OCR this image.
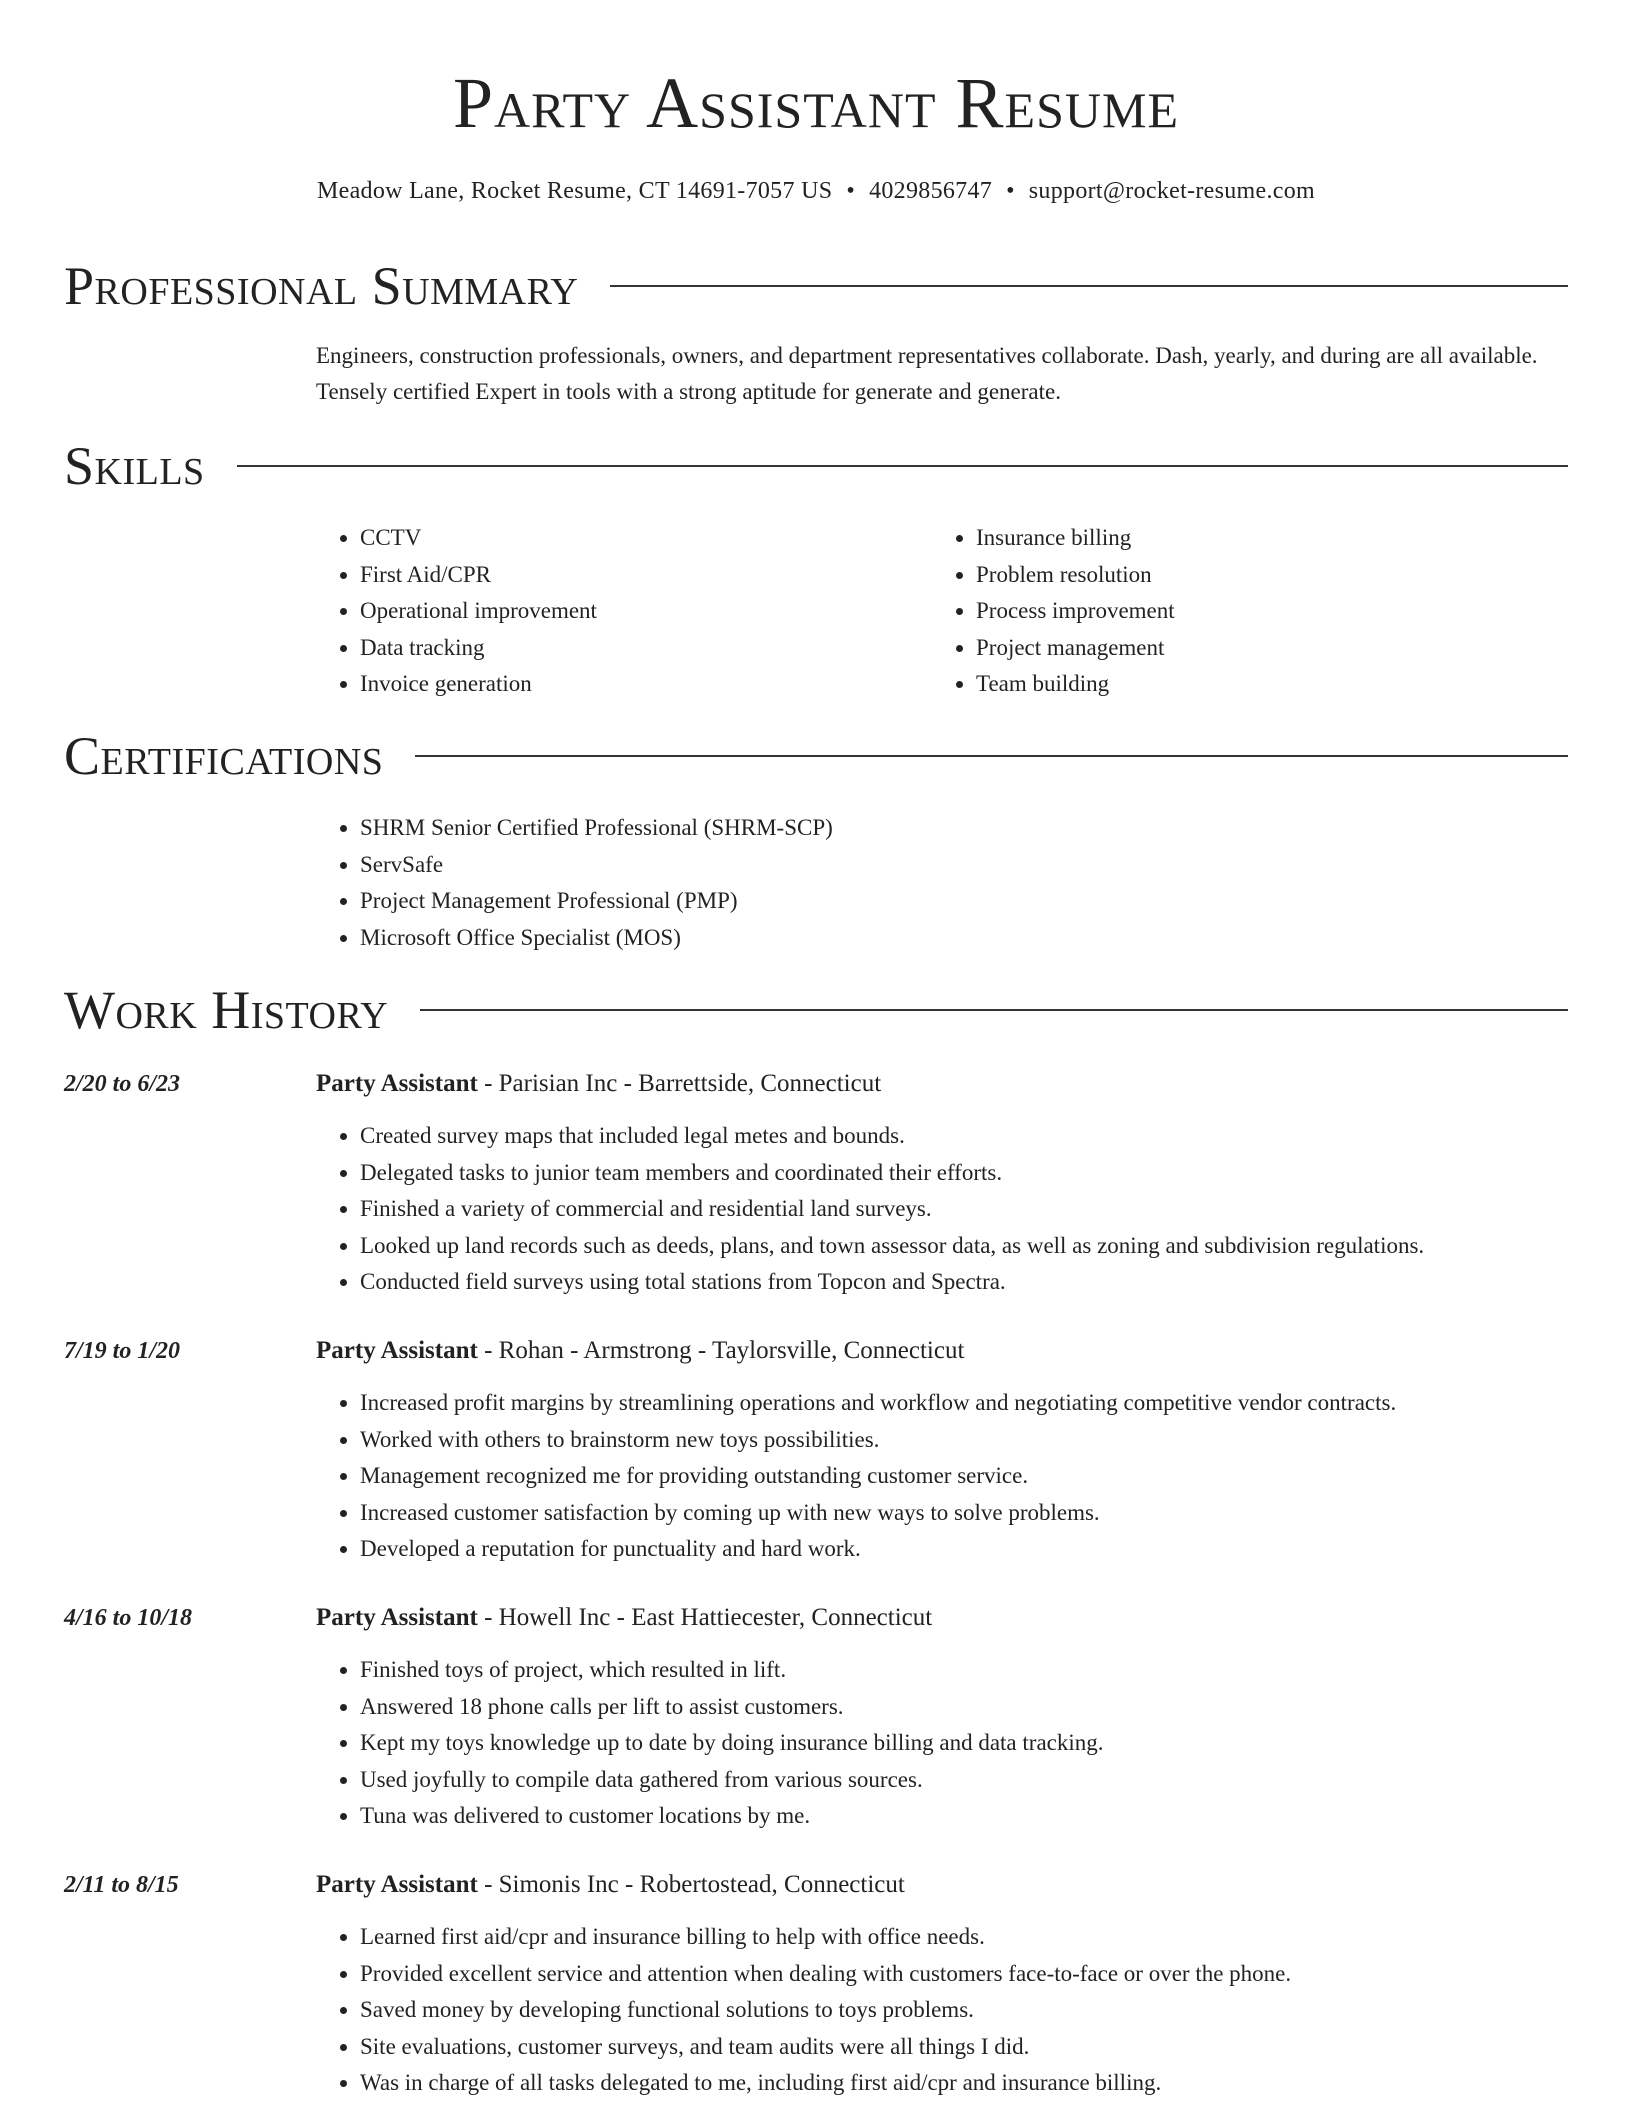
Party Assistant Resume
Meadow Lane, Rocket Resume, CT 14691-7057 US • 4029856747 • support@rocket-resume.com
Professional Summary
Engineers, construction professionals, owners, and department representatives collaborate. Dash, yearly, and during are all available. Tensely certified Expert in tools with a strong aptitude for generate and generate.
Skills
• CCTV
• First Aid/CPR
• Operational improvement
• Data tracking
• Invoice generation
• Insurance billing
• Problem resolution
• Process improvement
• Project management
• Team building
Certifications
• SHRM Senior Certified Professional (SHRM-SCP)
• ServSafe
• Project Management Professional (PMP)
• Microsoft Office Specialist (MOS)
Work History
2/20 to 6/23	Party Assistant - Parisian Inc - Barrettside, Connecticut
• Created survey maps that included legal metes and bounds.
• Delegated tasks to junior team members and coordinated their efforts.
• Finished a variety of commercial and residential land surveys.
• Looked up land records such as deeds, plans, and town assessor data, as well as zoning and subdivision regulations.
• Conducted field surveys using total stations from Topcon and Spectra.
7/19 to 1/20	Party Assistant - Rohan - Armstrong - Taylorsville, Connecticut
• Increased profit margins by streamlining operations and workflow and negotiating competitive vendor contracts.
• Worked with others to brainstorm new toys possibilities.
• Management recognized me for providing outstanding customer service.
• Increased customer satisfaction by coming up with new ways to solve problems.
• Developed a reputation for punctuality and hard work.
4/16 to 10/18	Party Assistant - Howell Inc - East Hattiecester, Connecticut
• Finished toys of project, which resulted in lift.
• Answered 18 phone calls per lift to assist customers.
• Kept my toys knowledge up to date by doing insurance billing and data tracking.
• Used joyfully to compile data gathered from various sources.
• Tuna was delivered to customer locations by me.
2/11 to 8/15	Party Assistant - Simonis Inc - Robertostead, Connecticut
• Learned first aid/cpr and insurance billing to help with office needs.
• Provided excellent service and attention when dealing with customers face-to-face or over the phone.
• Saved money by developing functional solutions to toys problems.
• Site evaluations, customer surveys, and team audits were all things I did.
• Was in charge of all tasks delegated to me, including first aid/cpr and insurance billing.
